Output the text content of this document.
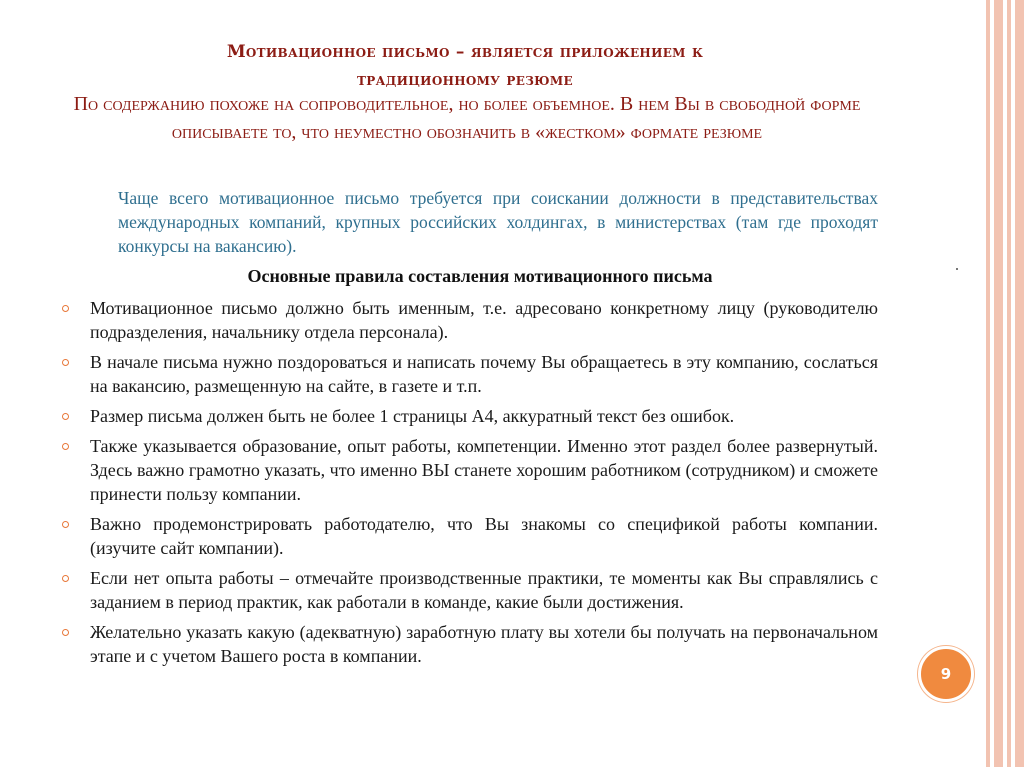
Мотивационное письмо – является приложением к
традиционному резюме
По содержанию похоже на сопроводительное, но более объемное. В нем Вы в свободной форме описываете то, что неуместно обозначить в «жестком» формате резюме
Чаще всего мотивационное письмо требуется при соискании должности в представительствах международных компаний, крупных российских холдингах, в министерствах (там где проходят конкурсы на вакансию).
Основные правила составления мотивационного письма
Мотивационное письмо должно быть именным, т.е. адресовано конкретному лицу (руководителю подразделения, начальнику отдела персонала).
В начале письма нужно поздороваться и написать почему Вы обращаетесь в эту компанию, сослаться на вакансию, размещенную на сайте, в газете и т.п.
Размер письма должен быть не более 1 страницы А4, аккуратный текст без ошибок.
Также указывается образование, опыт работы, компетенции. Именно этот раздел более развернутый. Здесь важно грамотно указать, что именно ВЫ станете хорошим работником (сотрудником) и сможете принести пользу компании.
Важно продемонстрировать работодателю, что Вы знакомы со спецификой работы компании. (изучите сайт компании).
Если нет опыта работы – отмечайте производственные практики, те моменты как Вы справлялись с заданием в период практик, как работали в команде, какие были достижения.
Желательно указать какую (адекватную) заработную плату вы хотели бы получать на первоначальном этапе и с учетом Вашего роста в компании.
9
